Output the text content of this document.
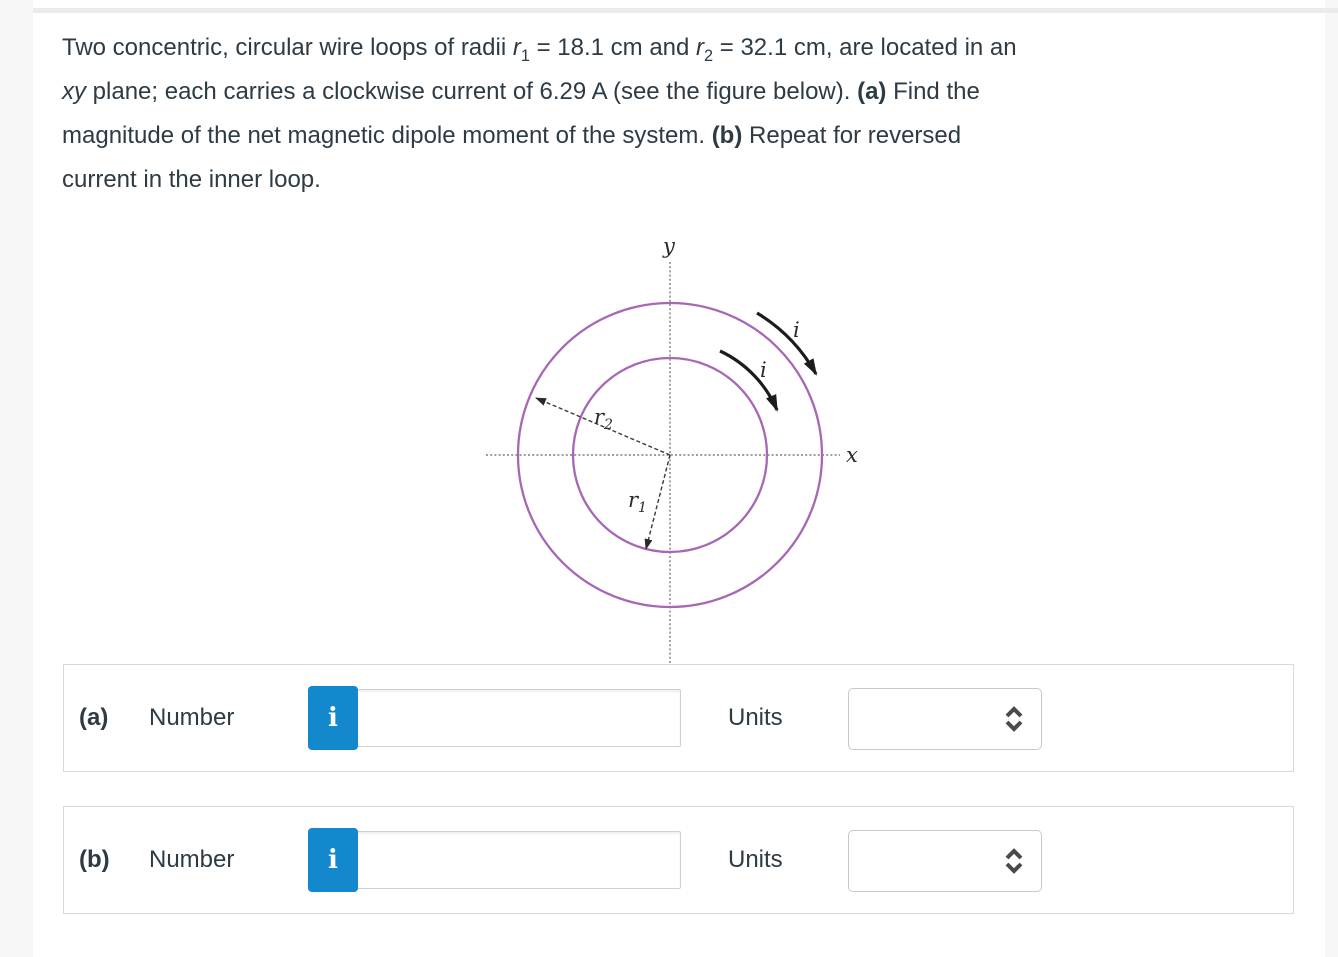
Two concentric, circular wire loops of radii $r_1 = 18.1$ cm and $r_2 = 32.1$ cm, are located in an
xy plane; each carries a clockwise current of 6.29 A (see the figure below). (a) Find the
magnitude of the net magnetic dipole moment of the system. (b) Repeat for reversed
current in the inner loop.
y
x
$r_2$
$r_1$
i
i
(a) Number	i	Units
(b) Number	i	Units
